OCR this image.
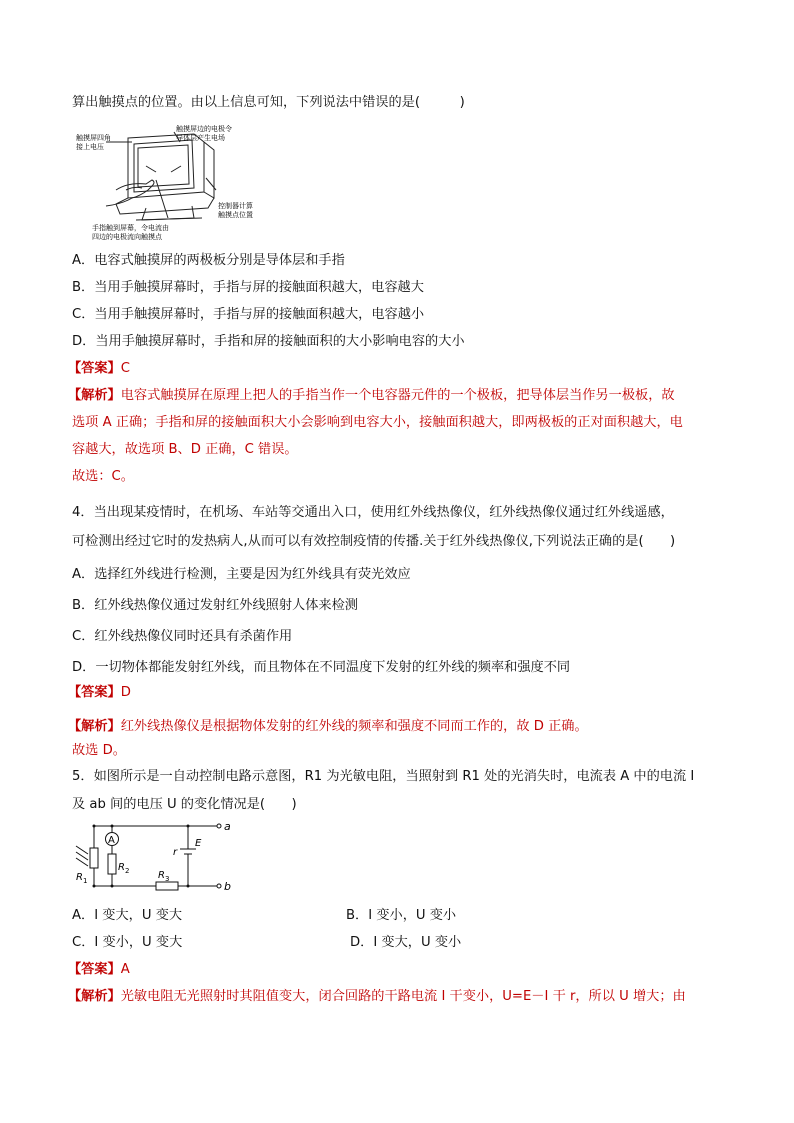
算出触摸点的位置。由以上信息可知，下列说法中错误的是(　　　)
触摸屏四角
接上电压
触摸屏边的电极令
导体层产生电场
控制器计算
触摸点位置
手指触到屏幕，令电流由
四边的电极流向触摸点
A．电容式触摸屏的两极板分别是导体层和手指
B．当用手触摸屏幕时，手指与屏的接触面积越大，电容越大
C．当用手触摸屏幕时，手指与屏的接触面积越大，电容越小
D．当用手触摸屏幕时，手指和屏的接触面积的大小影响电容的大小
【答案】C
【解析】电容式触摸屏在原理上把人的手指当作一个电容器元件的一个极板，把导体层当作另一极板，故
选项 A 正确；手指和屏的接触面积大小会影响到电容大小，接触面积越大，即两极板的正对面积越大，电
容越大，故选项 B、D 正确，C 错误。
故选：C。
4．当出现某疫情时，在机场、车站等交通出入口，使用红外线热像仪，红外线热像仪通过红外线遥感，
可检测出经过它时的发热病人,从而可以有效控制疫情的传播.关于红外线热像仪,下列说法正确的是(　　)
A．选择红外线进行检测，主要是因为红外线具有荧光效应
B．红外线热像仪通过发射红外线照射人体来检测
C．红外线热像仪同时还具有杀菌作用
D．一切物体都能发射红外线，而且物体在不同温度下发射的红外线的频率和强度不同
【答案】D
【解析】红外线热像仪是根据物体发射的红外线的频率和强度不同而工作的，故 D 正确。
故选 D。
5．如图所示是一自动控制电路示意图，R1 为光敏电阻，当照射到 R1 处的光消失时，电流表 A 中的电流 I
及 ab 间的电压 U 的变化情况是(　　)
A
a
b
r
E
$R_1$
$R_2$	$R_3$
A．I 变大，U 变大	B．I 变小，U 变小
C．I 变小，U 变大	D．I 变大，U 变小
【答案】A
【解析】光敏电阻无光照射时其阻值变大，闭合回路的干路电流 I 干变小，U=E－I 干 r，所以 U 增大；由
